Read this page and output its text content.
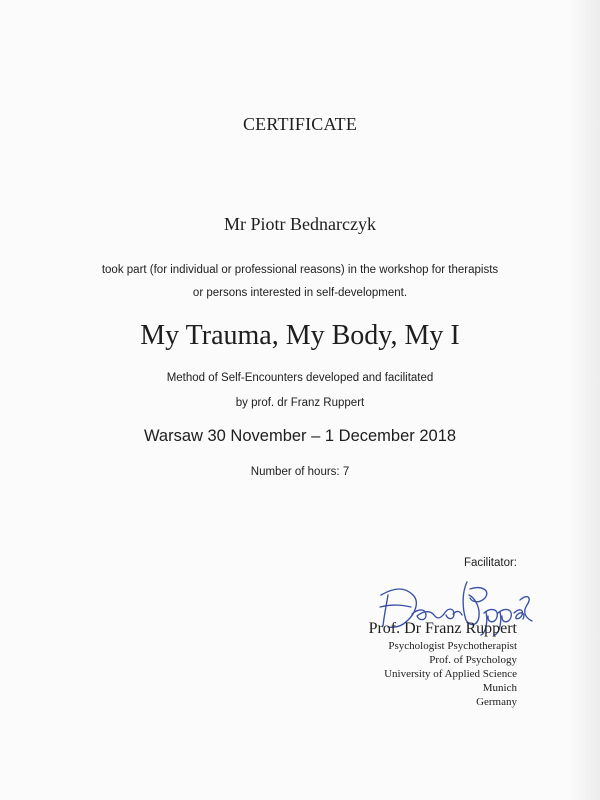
CERTIFICATE
Mr Piotr Bednarczyk
took part (for individual or professional reasons) in the workshop for therapists
or persons interested in self-development.
My Trauma, My Body, My I
Method of Self-Encounters developed and facilitated
by prof. dr Franz Ruppert
Warsaw 30 November – 1 December 2018
Number of hours: 7
Facilitator:
Prof. Dr Franz Ruppert
Psychologist Psychotherapist
Prof. of Psychology
University of Applied Science
Munich
Germany
